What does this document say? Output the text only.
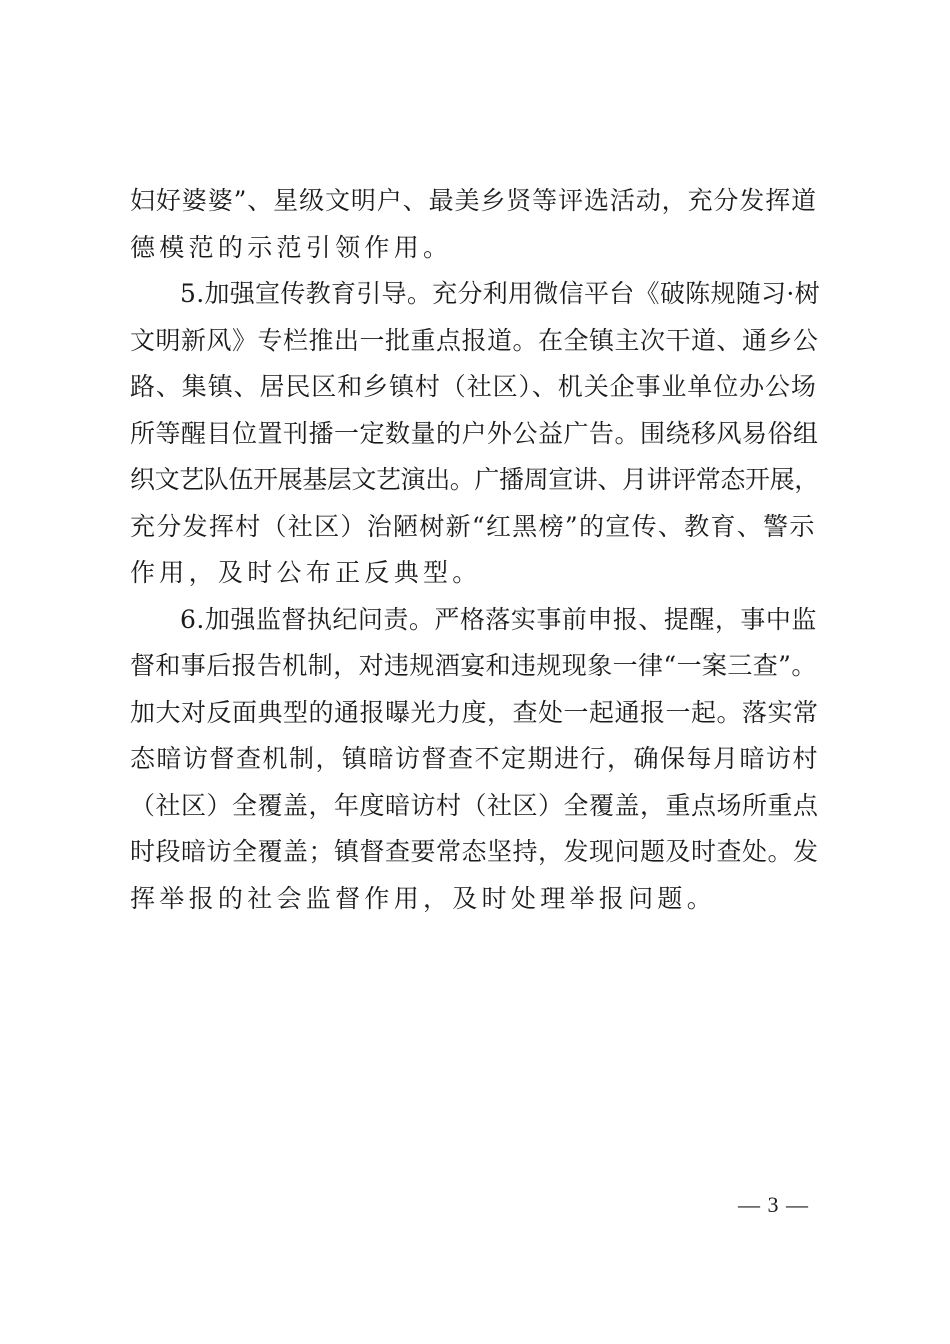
妇好婆婆”、星级文明户、最美乡贤等评选活动，充分发挥道
德模范的示范引领作用。
5.加强宣传教育引导。充分利用微信平台《破陈规随习·树
文明新风》专栏推出一批重点报道。在全镇主次干道、通乡公
路、集镇、居民区和乡镇村（社区）、机关企事业单位办公场
所等醒目位置刊播一定数量的户外公益广告。围绕移风易俗组
织文艺队伍开展基层文艺演出。广播周宣讲、月讲评常态开展，
充分发挥村（社区）治陋树新“红黑榜”的宣传、教育、警示
作用，及时公布正反典型。
6.加强监督执纪问责。严格落实事前申报、提醒，事中监
督和事后报告机制，对违规酒宴和违规现象一律“一案三查”。
加大对反面典型的通报曝光力度，查处一起通报一起。落实常
态暗访督查机制，镇暗访督查不定期进行，确保每月暗访村
（社区）全覆盖，年度暗访村（社区）全覆盖，重点场所重点
时段暗访全覆盖；镇督查要常态坚持，发现问题及时查处。发
挥举报的社会监督作用，及时处理举报问题。
— 3 —
